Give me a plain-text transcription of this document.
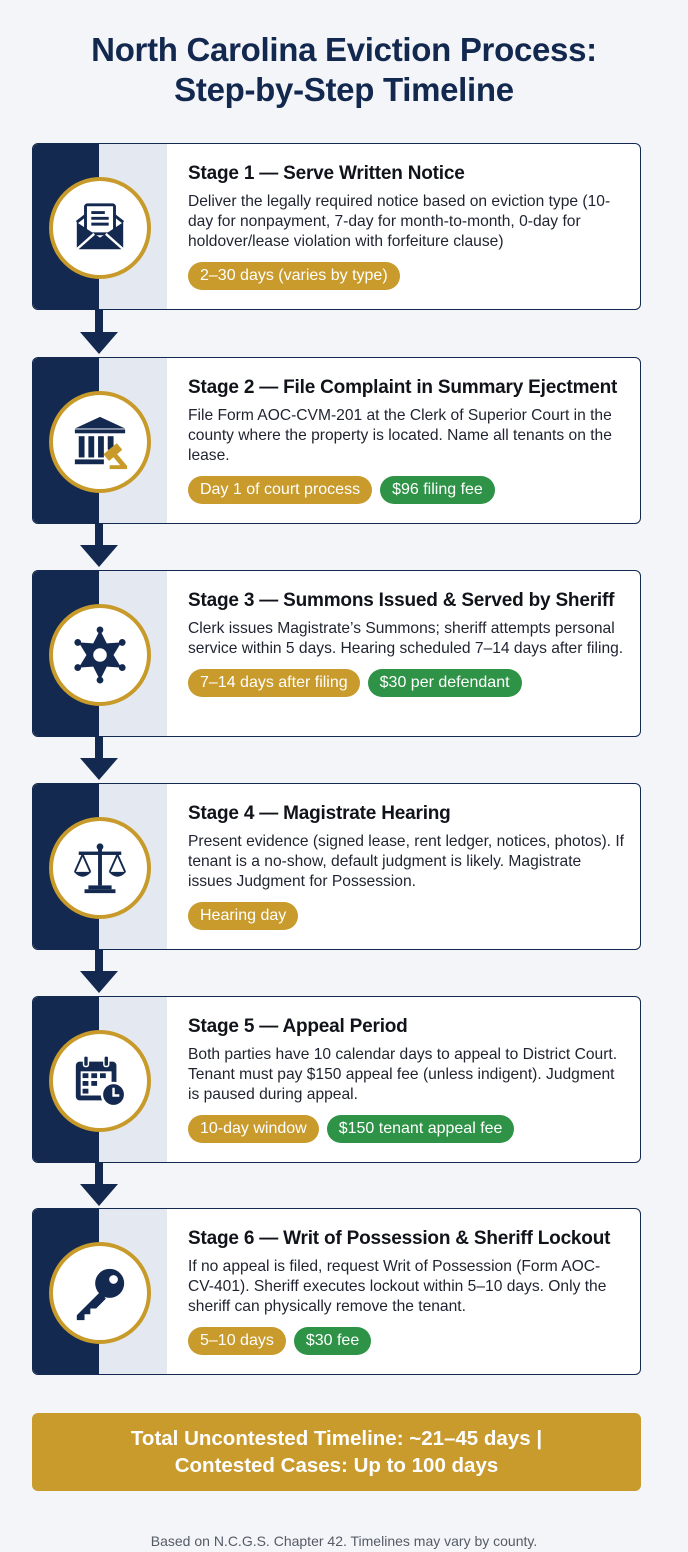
North Carolina Eviction Process:
Step-by-Step Timeline
Stage 1 — Serve Written Notice

Deliver the legally required notice based on eviction type (10-day for nonpayment, 7-day for month-to-month, 0-day for holdover/lease violation with forfeiture clause)

2–30 days (varies by type)
Stage 2 — File Complaint in Summary Ejectment

File Form AOC-CVM-201 at the Clerk of Superior Court in the county where the property is located. Name all tenants on the lease.

Day 1 of court process	$96 filing fee
Stage 3 — Summons Issued & Served by Sheriff

Clerk issues Magistrate’s Summons; sheriff attempts personal service within 5 days. Hearing scheduled 7–14 days after filing.

7–14 days after filing	$30 per defendant
Stage 4 — Magistrate Hearing

Present evidence (signed lease, rent ledger, notices, photos). If tenant is a no-show, default judgment is likely. Magistrate issues Judgment for Possession.

Hearing day
Stage 5 — Appeal Period

Both parties have 10 calendar days to appeal to District Court. Tenant must pay $150 appeal fee (unless indigent). Judgment is paused during appeal.

10-day window	$150 tenant appeal fee
Stage 6 — Writ of Possession & Sheriff Lockout

If no appeal is filed, request Writ of Possession (Form AOC-CV-401). Sheriff executes lockout within 5–10 days. Only the sheriff can physically remove the tenant.

5–10 days	$30 fee
Total Uncontested Timeline: ~21–45 days |
Contested Cases: Up to 100 days
Based on N.C.G.S. Chapter 42. Timelines may vary by county.
